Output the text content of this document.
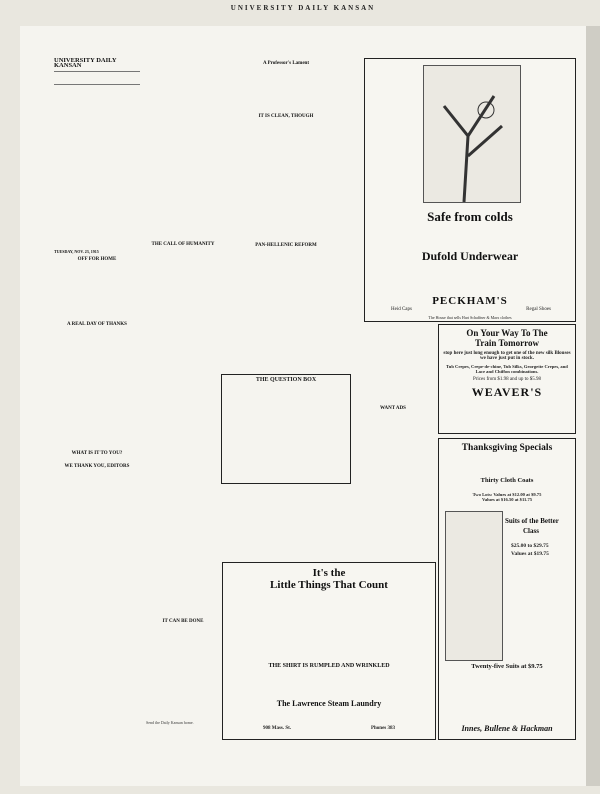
UNIVERSITY DAILY KANSAN
UNIVERSITY DAILY KANSAN

TUESDAY, NOV. 23, 1915

OFF FOR HOME
A REAL DAY OF THANKS
WHAT IS IT TO YOU?
WE THANK YOU, EDITORS
THE CALL OF HUMANITY
IT CAN BE DONE

Send the Daily Kansan home.

A Professor's Lament
IT IS CLEAN, THOUGH
PAN-HELLENIC REFORM
THE QUESTION BOX
WANT ADS
Safe from colds
Dufold Underwear
PECKHAM'S
Heid Caps	Regal Shoes
The House that sells Hart Schaffner & Marx clothes
On Your Way To The
Train Tomorrow
stop here just long enough to get one of the new silk Blouses we have just put in stock.
Tub Crepes, Crepe-de-chine, Tub Silks, Georgette Crepes, and Lace and Chiffon combinations.
Prices from $1.98 and up to $5.98
WEAVER'S
It's the
Little Things That Count
THE SHIRT IS RUMPLED AND WRINKLED
The Lawrence Steam Laundry
908 Mass. St.	Phones 383
Thanksgiving Specials
Thirty Cloth Coats
Two Lots: Values at $12.00 at $9.75
Values at $16.50 at $11.75
Suits of the Better
Class
$25.00 to $29.75
Values at $19.75
Twenty-five Suits at $9.75
Innes, Bullene & Hackman
